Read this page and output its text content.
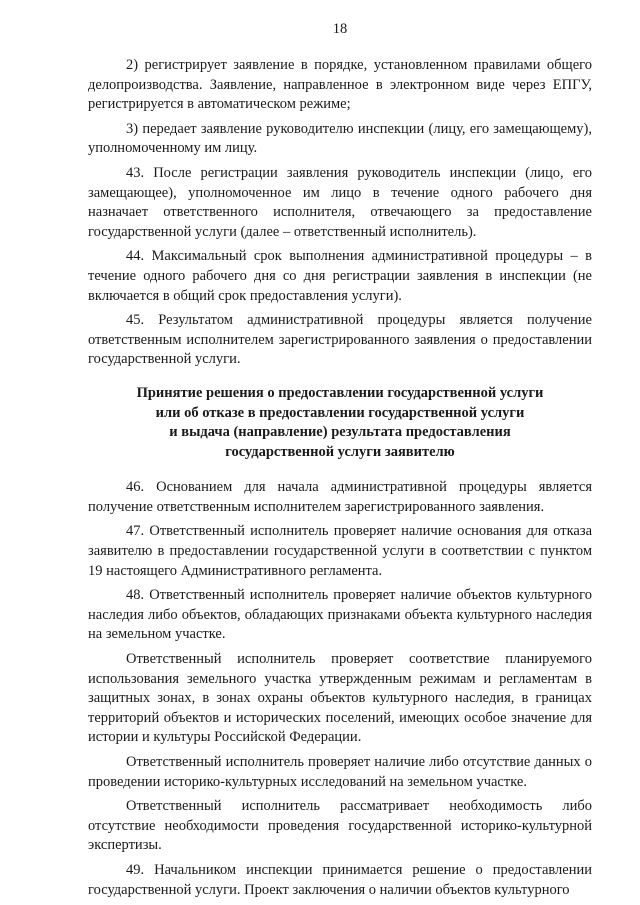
18

2) регистрирует заявление в порядке, установленном правилами общего делопроизводства. Заявление, направленное в электронном виде через ЕПГУ, регистрируется в автоматическом режиме;

3) передает заявление руководителю инспекции (лицу, его замещающему), уполномоченному им лицу.

43. После регистрации заявления руководитель инспекции (лицо, его замещающее), уполномоченное им лицо в течение одного рабочего дня назначает ответственного исполнителя, отвечающего за предоставление государственной услуги (далее – ответственный исполнитель).

44. Максимальный срок выполнения административной процедуры – в течение одного рабочего дня со дня регистрации заявления в инспекции (не включается в общий срок предоставления услуги).

45. Результатом административной процедуры является получение ответственным исполнителем зарегистрированного заявления о предоставлении государственной услуги.

Принятие решения о предоставлении государственной услуги
или об отказе в предоставлении государственной услуги
и выдача (направление) результата предоставления
государственной услуги заявителю

46. Основанием для начала административной процедуры является получение ответственным исполнителем зарегистрированного заявления.

47. Ответственный исполнитель проверяет наличие основания для отказа заявителю в предоставлении государственной услуги в соответствии с пунктом 19 настоящего Административного регламента.

48. Ответственный исполнитель проверяет наличие объектов культурного наследия либо объектов, обладающих признаками объекта культурного наследия на земельном участке.

Ответственный исполнитель проверяет соответствие планируемого использования земельного участка утвержденным режимам и регламентам в защитных зонах, в зонах охраны объектов культурного наследия, в границах территорий объектов и исторических поселений, имеющих особое значение для истории и культуры Российской Федерации.

Ответственный исполнитель проверяет наличие либо отсутствие данных о проведении историко-культурных исследований на земельном участке.

Ответственный исполнитель рассматривает необходимость либо отсутствие необходимости проведения государственной историко-культурной экспертизы.

49. Начальником инспекции принимается решение о предоставлении государственной услуги. Проект заключения о наличии объектов культурного
